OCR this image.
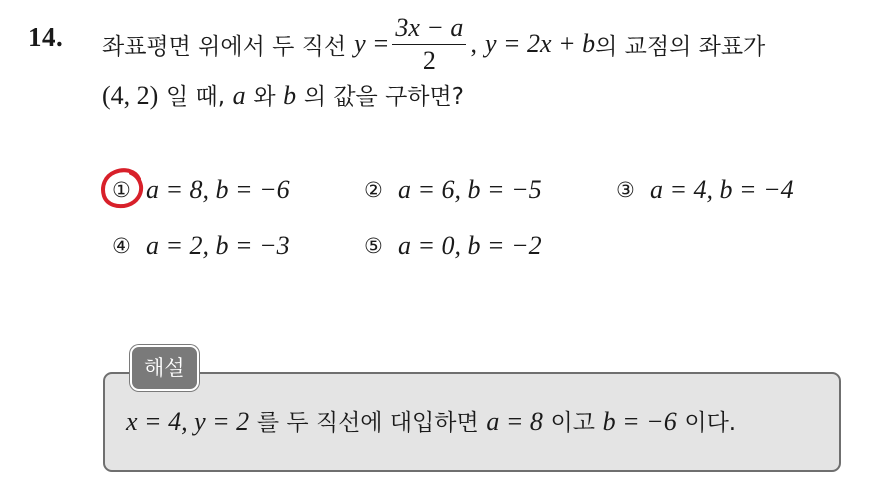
14. 좌표평면 위에서 두 직선 $y = \frac{3x - a}{2}$ , y = 2x + b 의 교점의 좌표가
(4, 2) 일 때, a 와 b 의 값을 구하면?
① a = 8, b = −6	② a = 6, b = −5	③ a = 4, b = −4
④ a = 2, b = −3	⑤ a = 0, b = −2
해설
x = 4, y = 2 를 두 직선에 대입하면 a = 8 이고 b = −6 이다.
